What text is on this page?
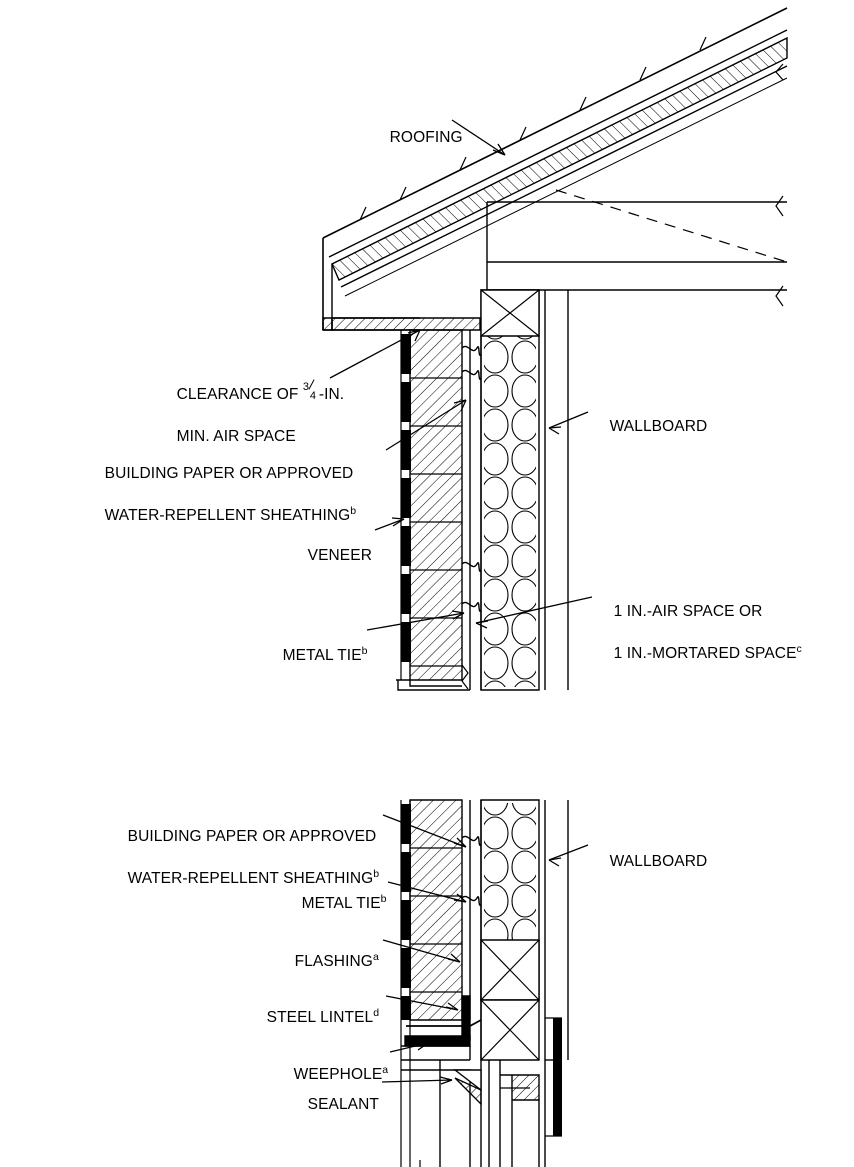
ROOFING

CLEARANCE OF 3
4 -IN.

MIN. AIR SPACE

BUILDING PAPER OR APPROVED

WATER-REPELLENT SHEATHING$^b$

VENEER

METAL TIE$^b$

WALLBOARD

1 IN.-AIR SPACE OR

1 IN.-MORTARED SPACE$^c$

BUILDING PAPER OR APPROVED

WATER-REPELLENT SHEATHING$^b$

METAL TIE$^b$

FLASHING$^a$

STEEL LINTEL$^d$

WEEPHOLE$^a$

SEALANT

WALLBOARD
